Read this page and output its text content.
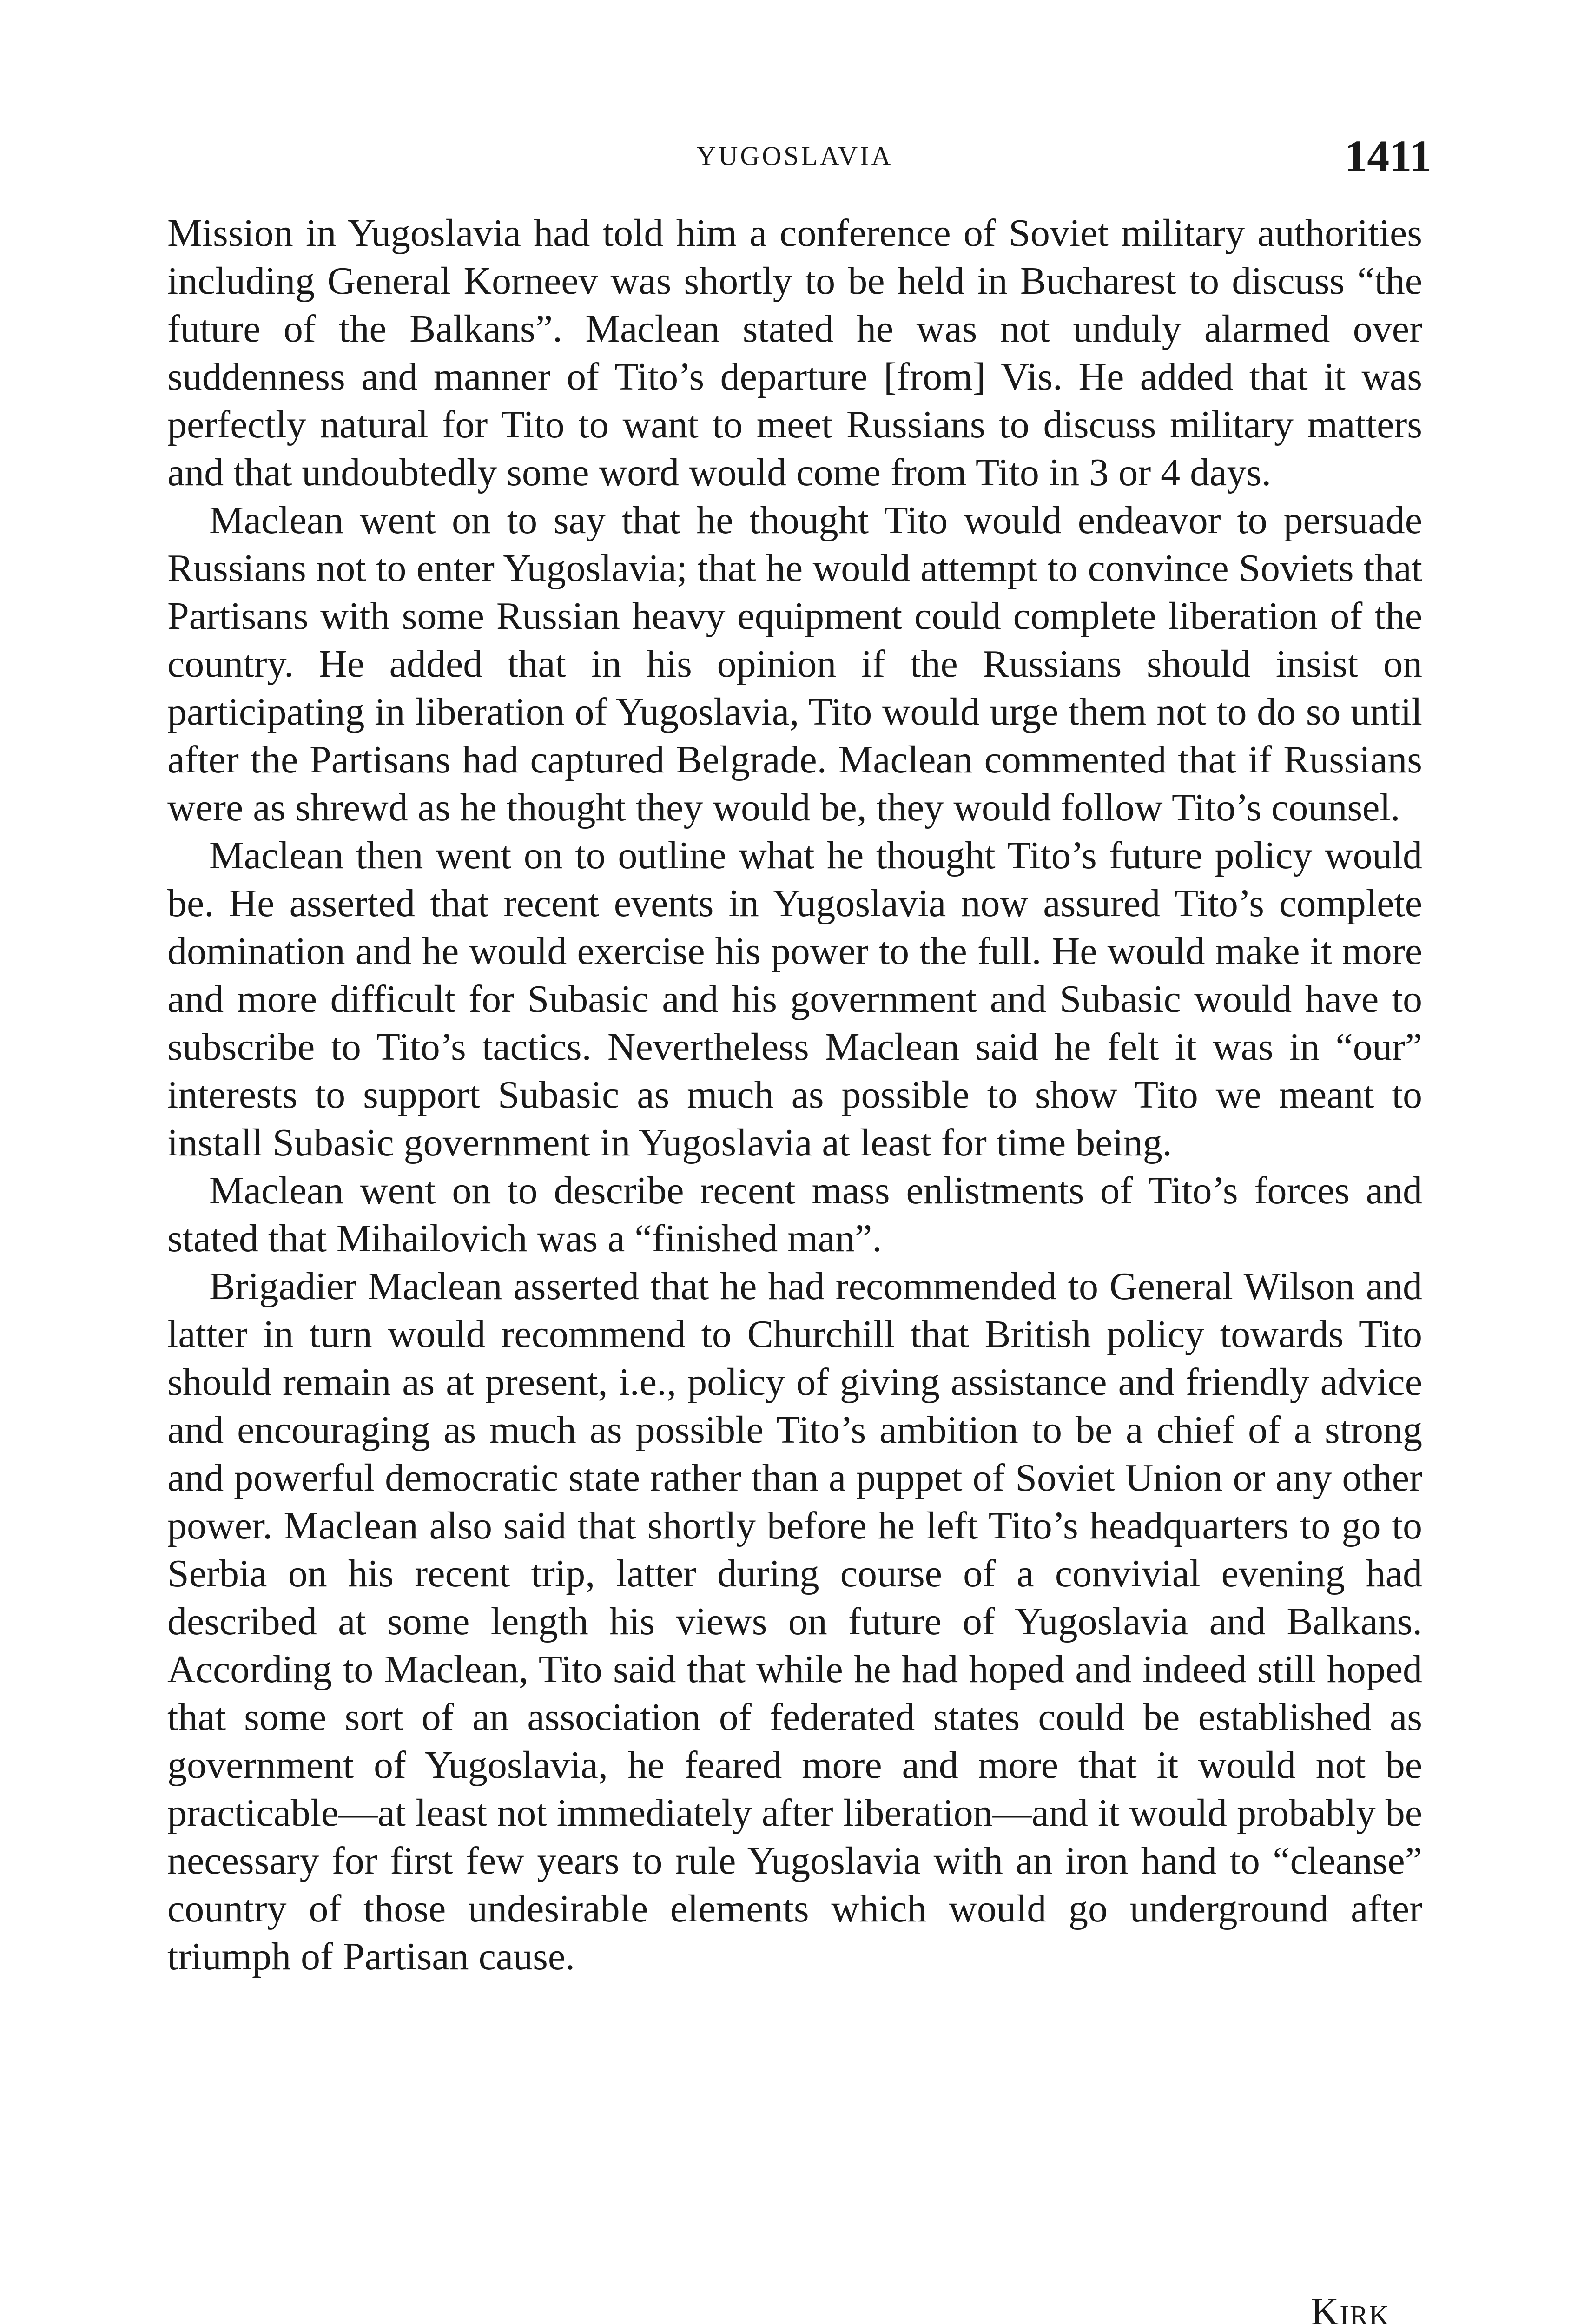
YUGOSLAVIA	1411

Mission in Yugoslavia had told him a conference of Soviet military authorities including General Korneev was shortly to be held in Bucharest to discuss “the future of the Balkans”. Maclean stated he was not unduly alarmed over suddenness and manner of Tito’s departure [from] Vis. He added that it was perfectly natural for Tito to want to meet Russians to discuss military matters and that undoubtedly some word would come from Tito in 3 or 4 days.

Maclean went on to say that he thought Tito would endeavor to persuade Russians not to enter Yugoslavia; that he would attempt to convince Soviets that Partisans with some Russian heavy equipment could complete liberation of the country. He added that in his opinion if the Russians should insist on participating in liberation of Yugoslavia, Tito would urge them not to do so until after the Partisans had captured Belgrade. Maclean commented that if Russians were as shrewd as he thought they would be, they would follow Tito’s counsel.

Maclean then went on to outline what he thought Tito’s future policy would be. He asserted that recent events in Yugoslavia now assured Tito’s complete domination and he would exercise his power to the full. He would make it more and more difficult for Subasic and his government and Subasic would have to subscribe to Tito’s tactics. Nevertheless Maclean said he felt it was in “our” interests to support Subasic as much as possible to show Tito we meant to install Subasic government in Yugoslavia at least for time being.

Maclean went on to describe recent mass enlistments of Tito’s forces and stated that Mihailovich was a “finished man”.

Brigadier Maclean asserted that he had recommended to General Wilson and latter in turn would recommend to Churchill that British policy towards Tito should remain as at present, i.e., policy of giving assistance and friendly advice and encouraging as much as possible Tito’s ambition to be a chief of a strong and powerful democratic state rather than a puppet of Soviet Union or any other power. Maclean also said that shortly before he left Tito’s headquarters to go to Serbia on his recent trip, latter during course of a convivial evening had described at some length his views on future of Yugoslavia and Balkans. According to Maclean, Tito said that while he had hoped and indeed still hoped that some sort of an association of federated states could be established as government of Yugoslavia, he feared more and more that it would not be practicable—at least not immediately after liberation—and it would probably be necessary for first few years to rule Yugoslavia with an iron hand to “cleanse” country of those undesirable elements which would go underground after triumph of Partisan cause.

Kirk
